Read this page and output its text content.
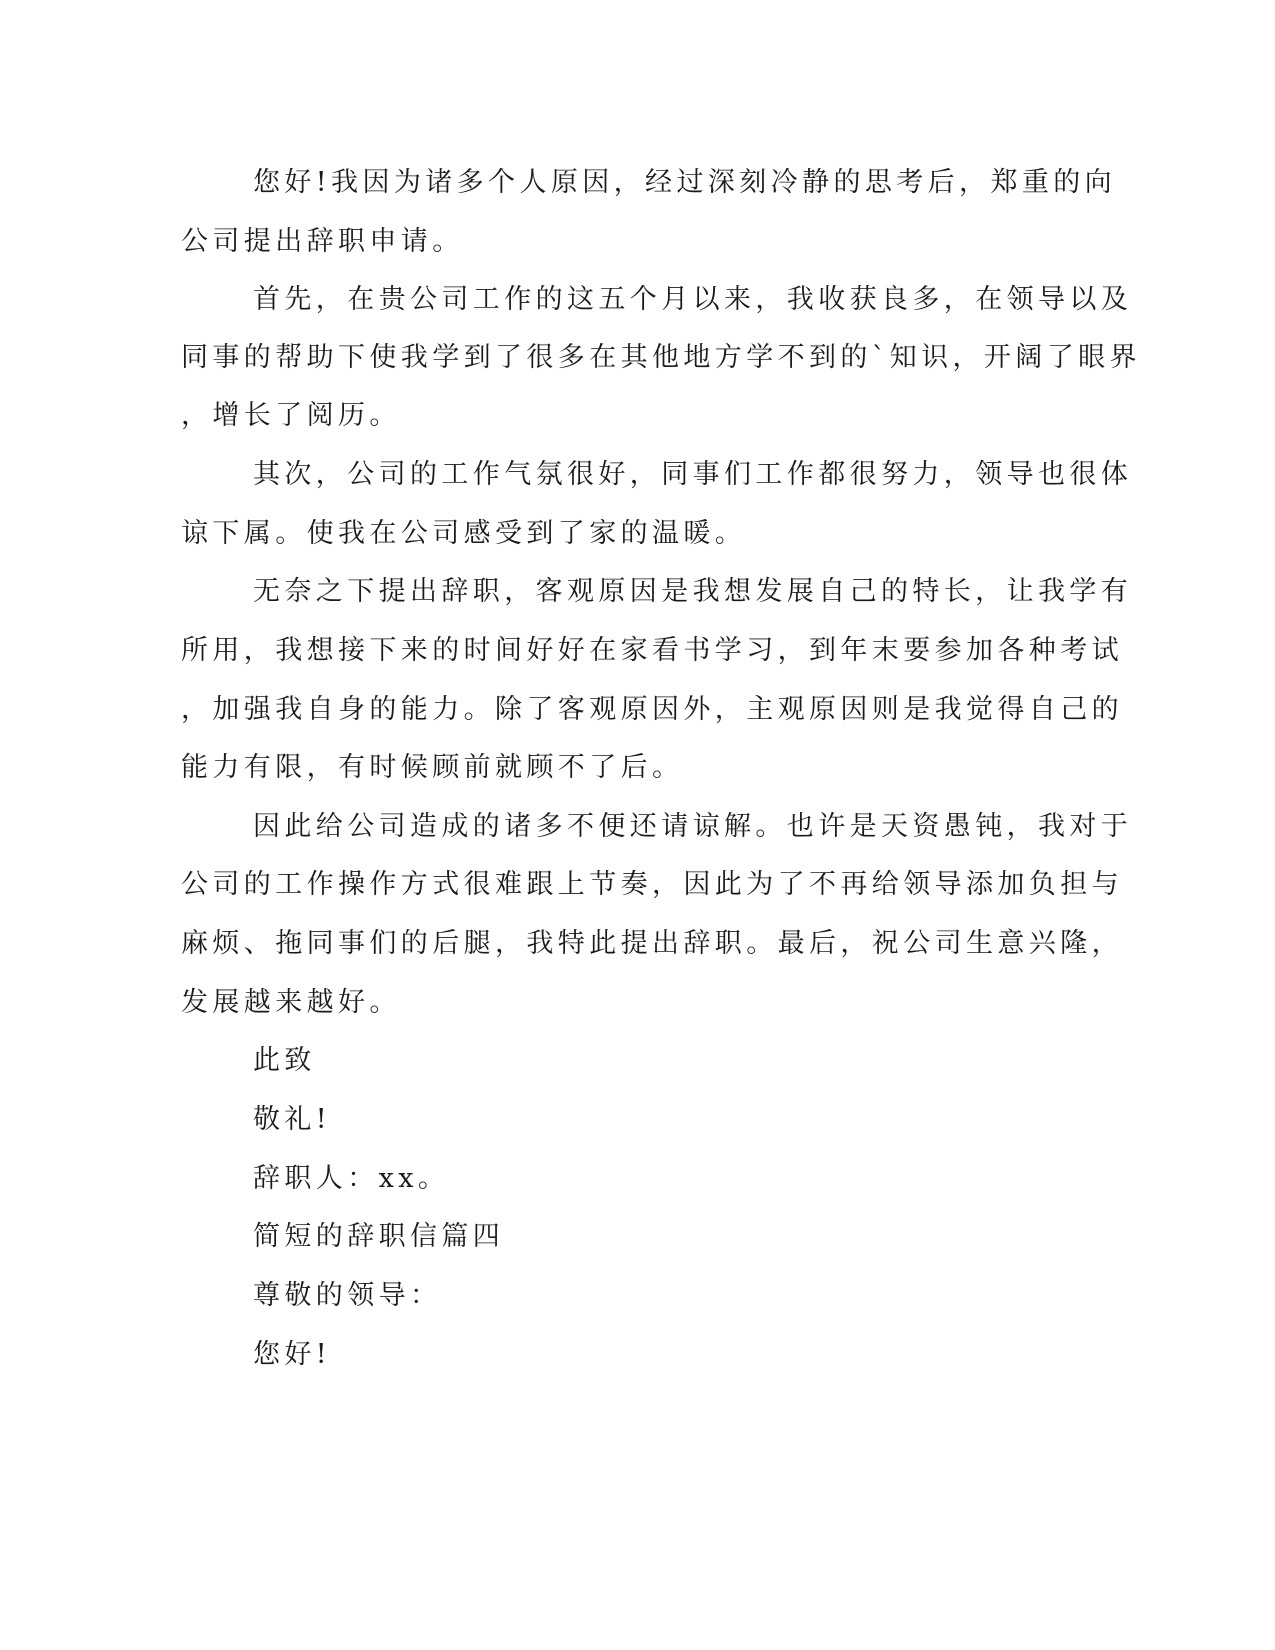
您好!我因为诸多个人原因，经过深刻冷静的思考后，郑重的向
公司提出辞职申请。
首先，在贵公司工作的这五个月以来，我收获良多，在领导以及
同事的帮助下使我学到了很多在其他地方学不到的`知识，开阔了眼界
，增长了阅历。
其次，公司的工作气氛很好，同事们工作都很努力，领导也很体
谅下属。使我在公司感受到了家的温暖。
无奈之下提出辞职，客观原因是我想发展自己的特长，让我学有
所用，我想接下来的时间好好在家看书学习，到年末要参加各种考试
，加强我自身的能力。除了客观原因外，主观原因则是我觉得自己的
能力有限，有时候顾前就顾不了后。
因此给公司造成的诸多不便还请谅解。也许是天资愚钝，我对于
公司的工作操作方式很难跟上节奏，因此为了不再给领导添加负担与
麻烦、拖同事们的后腿，我特此提出辞职。最后，祝公司生意兴隆，
发展越来越好。
此致
敬礼!
辞职人：xx。
简短的辞职信篇四
尊敬的领导：
您好!
